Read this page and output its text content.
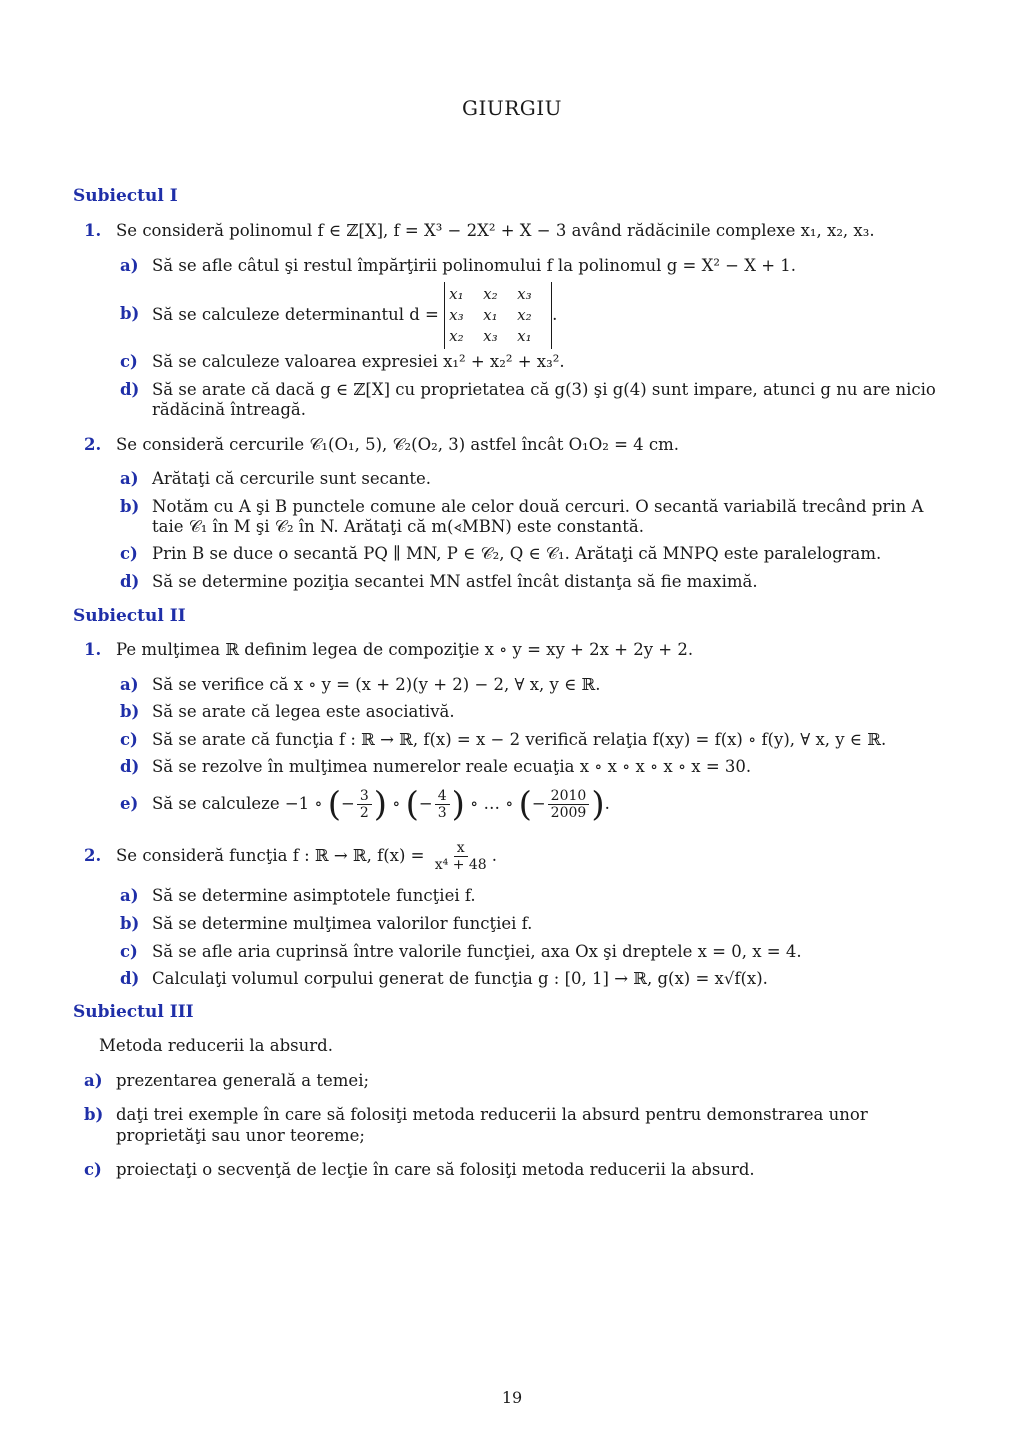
GIURGIU
Subiectul I
1. Se consideră polinomul f ∈ ℤ[X], f = X³ − 2X² + X − 3 având rădăcinile complexe x₁, x₂, x₃.
a) Să se afle câtul şi restul împărţirii polinomului f la polinomul g = X² − X + 1.
b) Să se calculeze determinantul d =
x₁	x₂	x₃
x₃	x₁	x₂
x₂	x₃	x₁
.
c) Să se calculeze valoarea expresiei x₁² + x₂² + x₃².
d) Să se arate că dacă g ∈ ℤ[X] cu proprietatea că g(3) şi g(4) sunt impare, atunci g nu are nicio rădăcină întreagă.
2. Se consideră cercurile 𝒞₁(O₁, 5), 𝒞₂(O₂, 3) astfel încât O₁O₂ = 4 cm.
a) Arătaţi că cercurile sunt secante.
b) Notăm cu A şi B punctele comune ale celor două cercuri. O secantă variabilă trecând prin A taie 𝒞₁ în M şi 𝒞₂ în N. Arătaţi că m(∢MBN) este constantă.
c) Prin B se duce o secantă PQ ∥ MN, P ∈ 𝒞₂, Q ∈ 𝒞₁. Arătaţi că MNPQ este paralelogram.
d) Să se determine poziţia secantei MN astfel încât distanţa să fie maximă.
Subiectul II
1. Pe mulţimea ℝ definim legea de compoziţie x ∘ y = xy + 2x + 2y + 2.
a) Să se verifice că x ∘ y = (x + 2)(y + 2) − 2, ∀ x, y ∈ ℝ.
b) Să se arate că legea este asociativă.
c) Să se arate că funcţia f : ℝ → ℝ, f(x) = x − 2 verifică relaţia f(xy) = f(x) ∘ f(y), ∀ x, y ∈ ℝ.
d) Să se rezolve în mulţimea numerelor reale ecuaţia x ∘ x ∘ x ∘ x ∘ x = 30.
e) Să se calculeze −1 ∘ (− $\frac{3}{2}$ ) ∘ (− $\frac{4}{3}$ ) ∘ … ∘ (− $\frac{2010}{2009}$ ).
2. Se consideră funcţia f : ℝ → ℝ, $f(x) = \frac{x}{\text{x⁴ + 48}}$ .
a) Să se determine asimptotele funcţiei f.
b) Să se determine mulţimea valorilor funcţiei f.
c) Să se afle aria cuprinsă între valorile funcţiei, axa Ox şi dreptele x = 0, x = 4.
d) Calculaţi volumul corpului generat de funcţia g : [0, 1] → ℝ, g(x) = x√f(x).
Subiectul III
Metoda reducerii la absurd.
a) prezentarea generală a temei;
b) daţi trei exemple în care să folosiţi metoda reducerii la absurd pentru demonstrarea unor proprietăţi sau unor teoreme;
c) proiectaţi o secvenţă de lecţie în care să folosiţi metoda reducerii la absurd.
19
